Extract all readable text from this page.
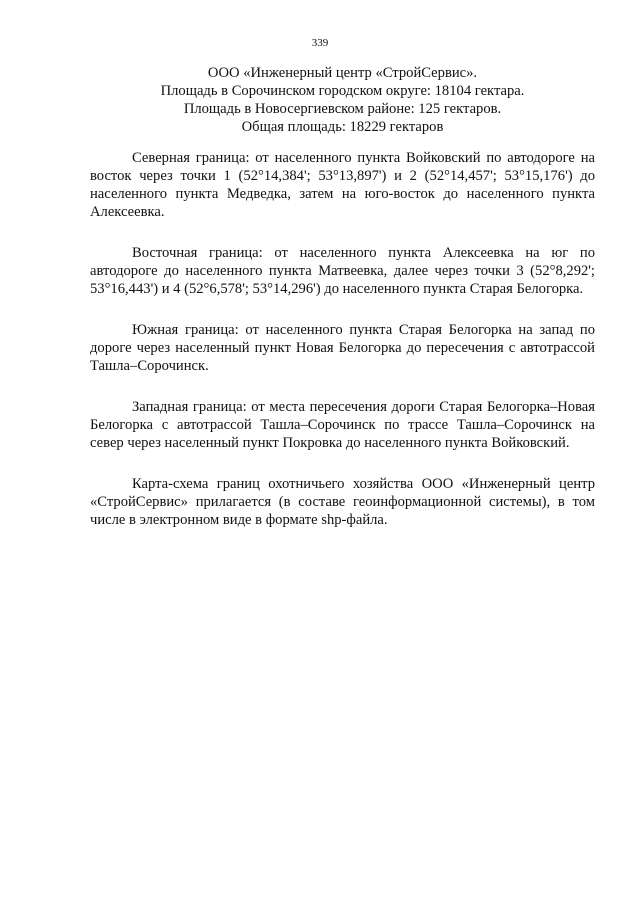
339
ООО «Инженерный центр «СтройСервис».
Площадь в Сорочинском городском округе: 18104 гектара.
Площадь в Новосергиевском районе: 125 гектаров.
Общая площадь: 18229 гектаров

Северная граница: от населенного пункта Войковский по автодороге на восток через точки 1 (52°14,384'; 53°13,897') и 2 (52°14,457'; 53°15,176') до населенного пункта Медведка, затем на юго-восток до населенного пункта Алексеевка.

Восточная граница: от населенного пункта Алексеевка на юг по автодороге до населенного пункта Матвеевка, далее через точки 3 (52°8,292'; 53°16,443') и 4 (52°6,578'; 53°14,296') до населенного пункта Старая Белогорка.

Южная граница: от населенного пункта Старая Белогорка на запад по дороге через населенный пункт Новая Белогорка до пересечения с автотрассой Ташла–Сорочинск.

Западная граница: от места пересечения дороги Старая Белогорка–Новая Белогорка с автотрассой Ташла–Сорочинск по трассе Ташла–Сорочинск на север через населенный пункт Покровка до населенного пункта Войковский.

Карта-схема границ охотничьего хозяйства ООО «Инженерный центр «СтройСервис» прилагается (в составе геоинформационной системы), в том числе в электронном виде в формате shp-файла.
